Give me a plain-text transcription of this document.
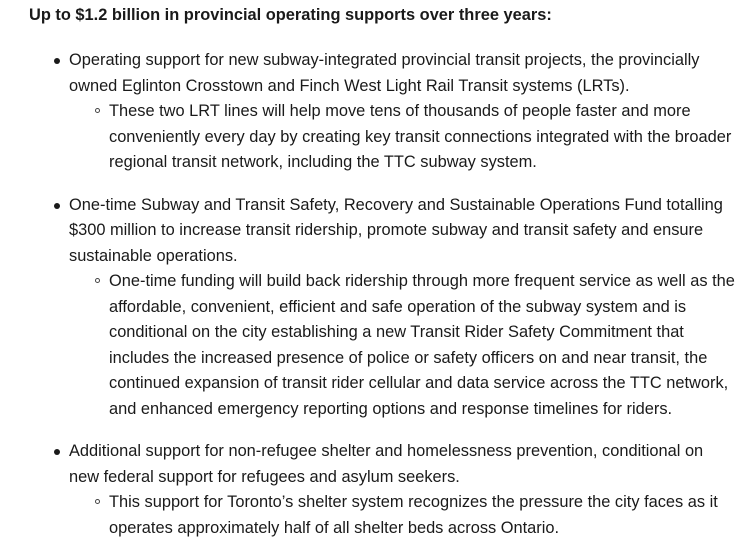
Up to $1.2 billion in provincial operating supports over three years:

Operating support for new subway-integrated provincial transit projects, the provincially
owned Eglinton Crosstown and Finch West Light Rail Transit systems (LRTs).
These two LRT lines will help move tens of thousands of people faster and more
conveniently every day by creating key transit connections integrated with the broader
regional transit network, including the TTC subway system.
One-time Subway and Transit Safety, Recovery and Sustainable Operations Fund totalling
$300 million to increase transit ridership, promote subway and transit safety and ensure
sustainable operations.
One-time funding will build back ridership through more frequent service as well as the
affordable, convenient, efficient and safe operation of the subway system and is
conditional on the city establishing a new Transit Rider Safety Commitment that
includes the increased presence of police or safety officers on and near transit, the
continued expansion of transit rider cellular and data service across the TTC network,
and enhanced emergency reporting options and response timelines for riders.
Additional support for non-refugee shelter and homelessness prevention, conditional on
new federal support for refugees and asylum seekers.
This support for Toronto’s shelter system recognizes the pressure the city faces as it
operates approximately half of all shelter beds across Ontario.
